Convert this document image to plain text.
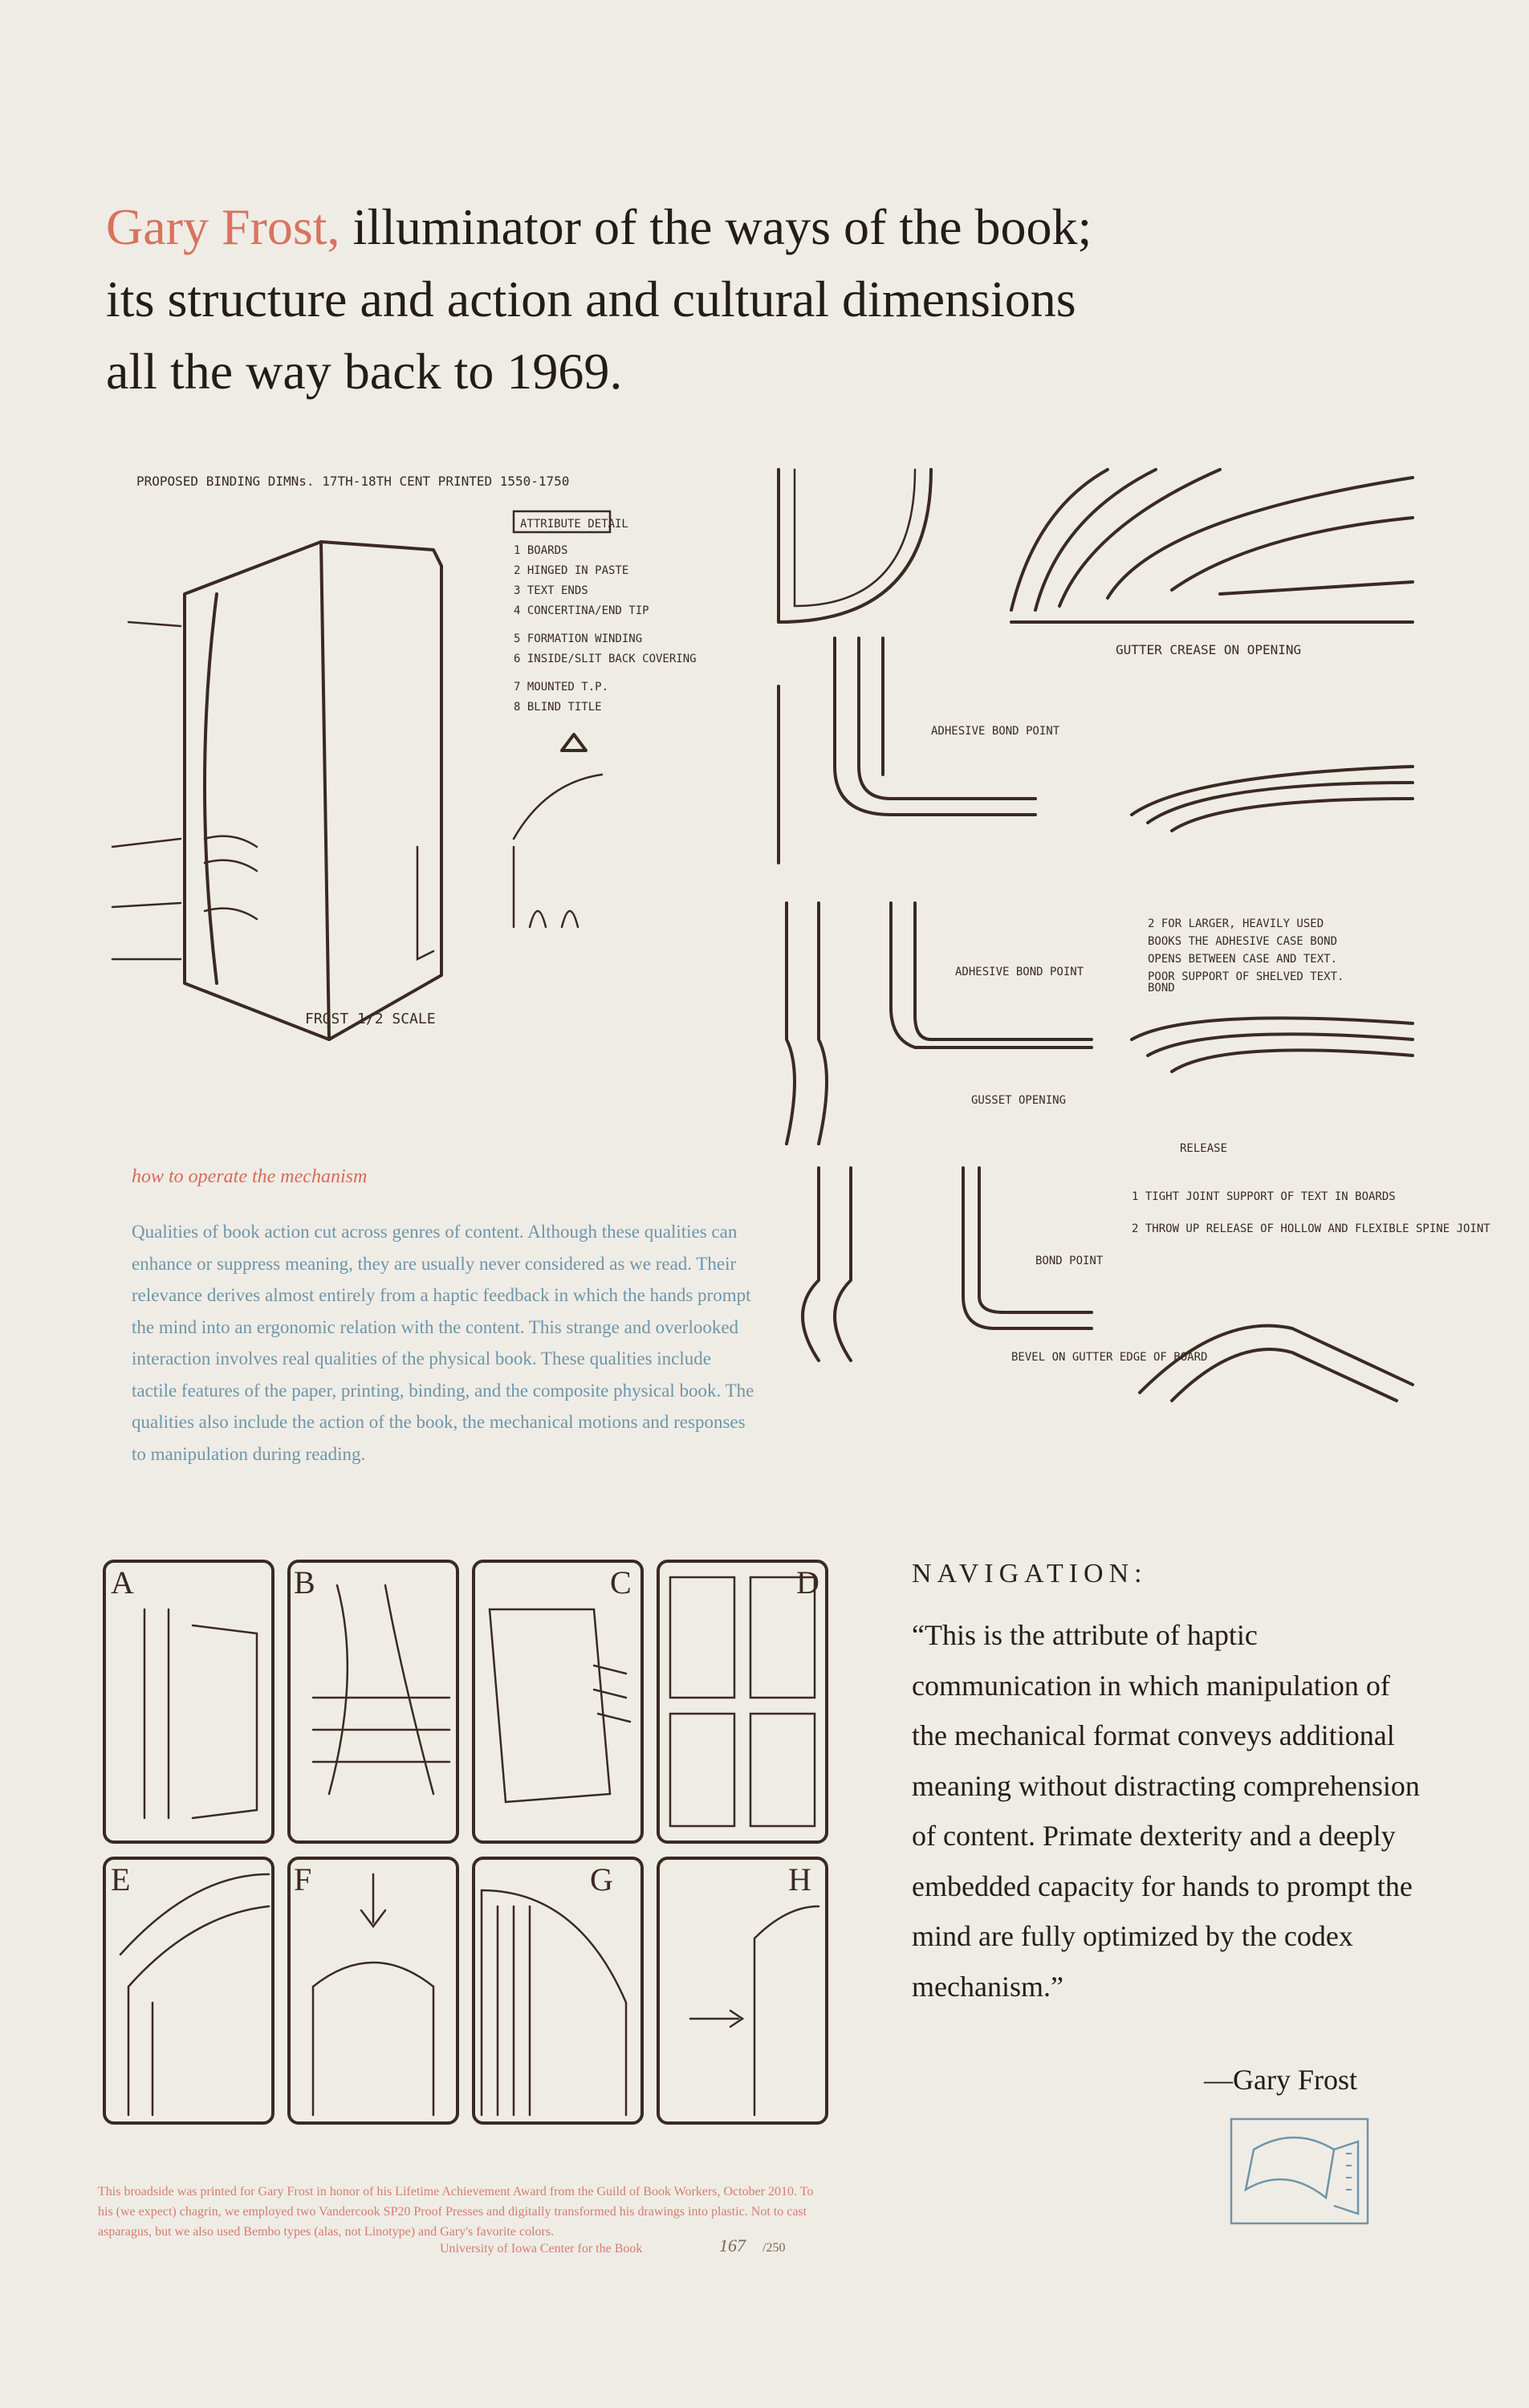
Gary Frost, illuminator of the ways of the book;
its structure and action and cultural dimensions
all the way back to 1969.
PROPOSED BINDING DIMNs. 17TH-18TH CENT PRINTED 1550-1750
ATTRIBUTE DETAIL
1 BOARDS
2 HINGED IN PASTE
3 TEXT ENDS
4 CONCERTINA/END TIP
5 FORMATION WINDING
6 INSIDE/SLIT BACK COVERING
7 MOUNTED T.P.
8 BLIND TITLE
FROST 1/2 SCALE
GUTTER CREASE ON OPENING
ADHESIVE BOND POINT
ADHESIVE BOND POINT
2 FOR LARGER, HEAVILY USED BOOKS THE ADHESIVE CASE BOND OPENS BETWEEN CASE AND TEXT. POOR SUPPORT OF SHELVED TEXT.
GUSSET OPENING
RELEASE
BOND
BOND POINT
BEVEL ON GUTTER EDGE OF BOARD
1 TIGHT JOINT SUPPORT OF TEXT IN BOARDS
2 THROW UP RELEASE OF HOLLOW AND FLEXIBLE SPINE JOINT
how to operate the mechanism
Qualities of book action cut across genres of content. Although these qualities can enhance or suppress meaning, they are usually never considered as we read. Their relevance derives almost entirely from a haptic feedback in which the hands prompt the mind into an ergonomic relation with the content. This strange and overlooked interaction involves real qualities of the physical book. These qualities include tactile features of the paper, printing, binding, and the composite physical book. The qualities also include the action of the book, the mechanical motions and responses to manipulation during reading.
A	B	C	D
E	F	G	H
NAVIGATION:
“This is the attribute of haptic communication in which manipulation of the mechanical format conveys additional meaning without distracting comprehension of content. Primate dexterity and a deeply embedded capacity for hands to prompt the mind are fully optimized by the codex mechanism.”
—Gary Frost
This broadside was printed for Gary Frost in honor of his Lifetime Achievement Award from the Guild of Book Workers, October 2010. To his (we expect) chagrin, we employed two Vandercook SP20 Proof Presses and digitally transformed his drawings into plastic. Not to cast asparagus, but we also used Bembo types (alas, not Linotype) and Gary's favorite colors.
University of Iowa Center for the Book	167 /250
